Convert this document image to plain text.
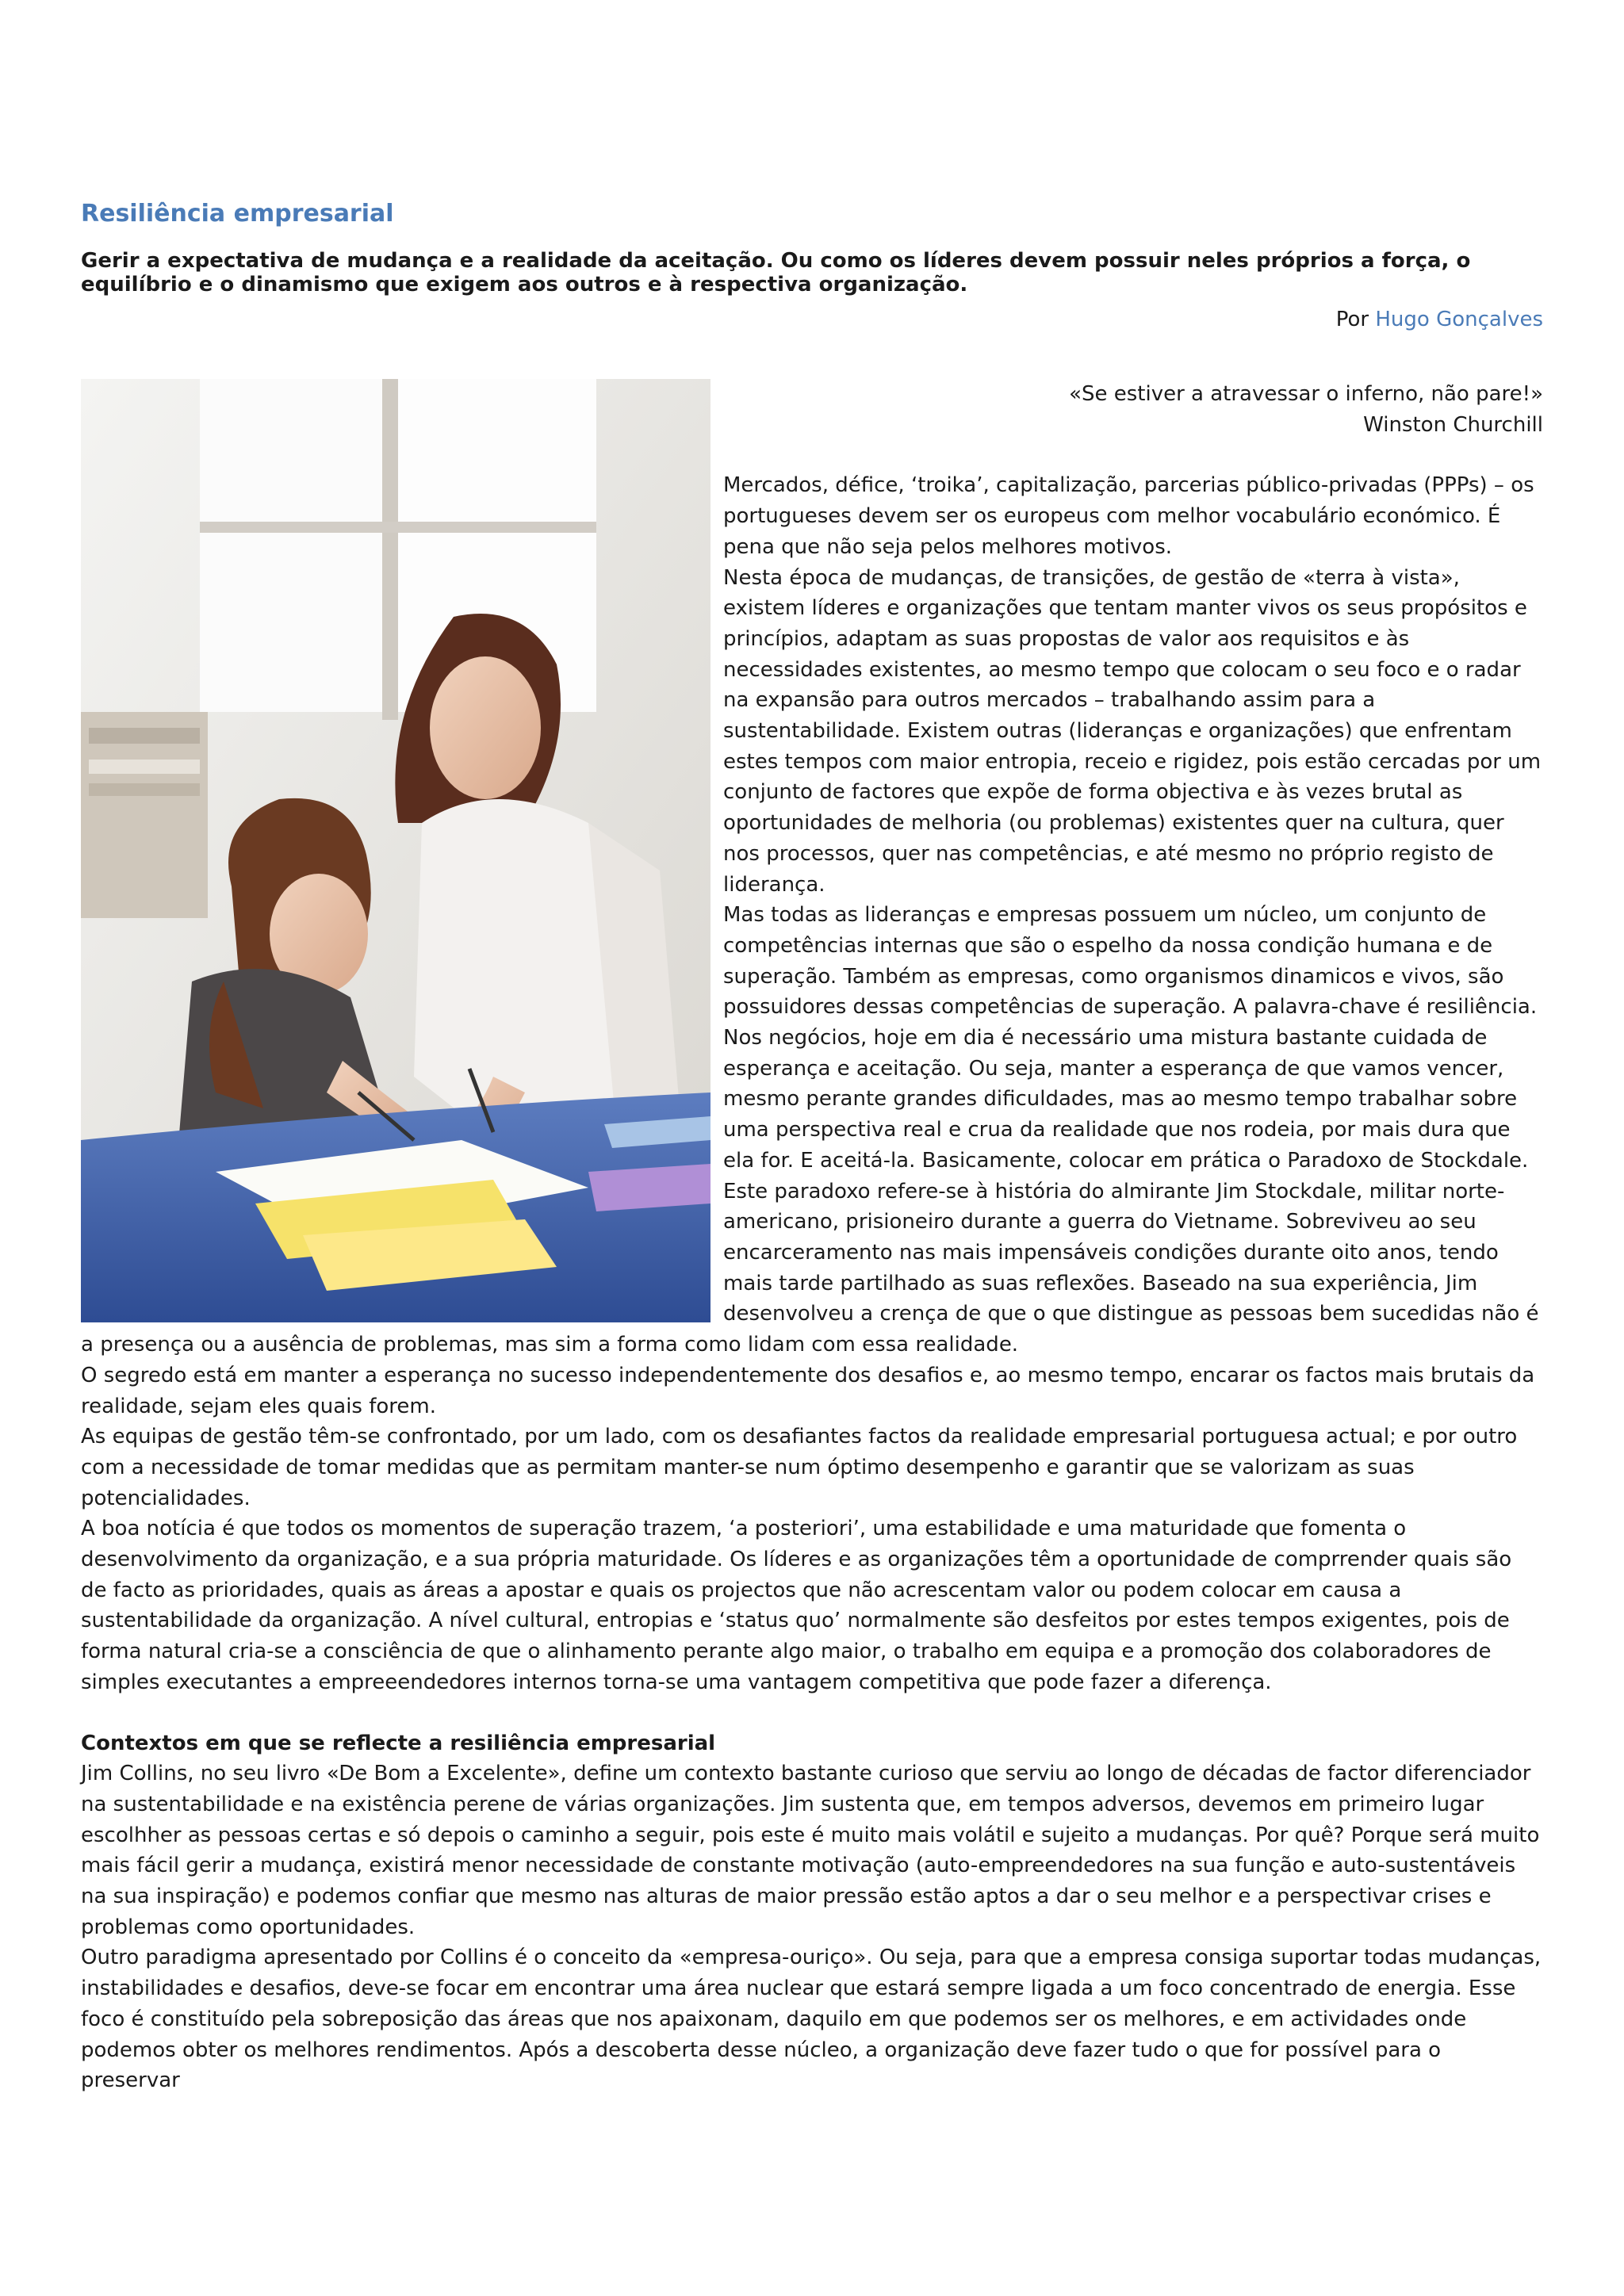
Resiliência empresarial

Gerir a expectativa de mudança e a realidade da aceitação. Ou como os líderes devem possuir neles próprios a força, o equilíbrio e o dinamismo que exigem aos outros e à respectiva organização.

Por Hugo Gonçalves
«Se estiver a atravessar o inferno, não pare!»
Winston Churchill

Mercados, défice, ‘troika’, capitalização, parcerias público-privadas (PPPs) – os portugueses devem ser os europeus com melhor vocabulário económico. É pena que não seja pelos melhores motivos.

Nesta época de mudanças, de transições, de gestão de «terra à vista», existem líderes e organizações que tentam manter vivos os seus propósitos e princípios, adaptam as suas propostas de valor aos requisitos e às necessidades existentes, ao mesmo tempo que colocam o seu foco e o radar na expansão para outros mercados – trabalhando assim para a sustentabilidade. Existem outras (lideranças e organizações) que enfrentam estes tempos com maior entropia, receio e rigidez, pois estão cercadas por um conjunto de factores que expõe de forma objectiva e às vezes brutal as oportunidades de melhoria (ou problemas) existentes quer na cultura, quer nos processos, quer nas competências, e até mesmo no próprio registo de liderança.

Mas todas as lideranças e empresas possuem um núcleo, um conjunto de competências internas que são o espelho da nossa condição humana e de superação. Também as empresas, como organismos dinamicos e vivos, são possuidores dessas competências de superação. A palavra-chave é resiliência.

Nos negócios, hoje em dia é necessário uma mistura bastante cuidada de esperança e aceitação. Ou seja, manter a esperança de que vamos vencer, mesmo perante grandes dificuldades, mas ao mesmo tempo trabalhar sobre uma perspectiva real e crua da realidade que nos rodeia, por mais dura que ela for. E aceitá-la. Basicamente, colocar em prática o Paradoxo de Stockdale.

Este paradoxo refere-se à história do almirante Jim Stockdale, militar norte-americano, prisioneiro durante a guerra do Vietname. Sobreviveu ao seu encarceramento nas mais impensáveis condições durante oito anos, tendo mais tarde partilhado as suas reflexões. Baseado na sua experiência, Jim desenvolveu a crença de que o que distingue as pessoas bem sucedidas não é a presença ou a ausência de problemas, mas sim a forma como lidam com essa realidade.

O segredo está em manter a esperança no sucesso independentemente dos desafios e, ao mesmo tempo, encarar os factos mais brutais da realidade, sejam eles quais forem.

As equipas de gestão têm-se confrontado, por um lado, com os desafiantes factos da realidade empresarial portuguesa actual; e por outro com a necessidade de tomar medidas que as permitam manter-se num óptimo desempenho e garantir que se valorizam as suas potencialidades.

A boa notícia é que todos os momentos de superação trazem, ‘a posteriori’, uma estabilidade e uma maturidade que fomenta o desenvolvimento da organização, e a sua própria maturidade. Os líderes e as organizações têm a oportunidade de comprrender quais são de facto as prioridades, quais as áreas a apostar e quais os projectos que não acrescentam valor ou podem colocar em causa a sustentabilidade da organização. A nível cultural, entropias e ‘status quo’ normalmente são desfeitos por estes tempos exigentes, pois de forma natural cria-se a consciência de que o alinhamento perante algo maior, o trabalho em equipa e a promoção dos colaboradores de simples executantes a empreeendedores internos torna-se uma vantagem competitiva que pode fazer a diferença.

Contextos em que se reflecte a resiliência empresarial

Jim Collins, no seu livro «De Bom a Excelente», define um contexto bastante curioso que serviu ao longo de décadas de factor diferenciador na sustentabilidade e na existência perene de várias organizações. Jim sustenta que, em tempos adversos, devemos em primeiro lugar escolhher as pessoas certas e só depois o caminho a seguir, pois este é muito mais volátil e sujeito a mudanças. Por quê? Porque será muito mais fácil gerir a mudança, existirá menor necessidade de constante motivação (auto-empreendedores na sua função e auto-sustentáveis na sua inspiração) e podemos confiar que mesmo nas alturas de maior pressão estão aptos a dar o seu melhor e a perspectivar crises e problemas como oportunidades.

Outro paradigma apresentado por Collins é o conceito da «empresa-ouriço». Ou seja, para que a empresa consiga suportar todas mudanças, instabilidades e desafios, deve-se focar em encontrar uma área nuclear que estará sempre ligada a um foco concentrado de energia. Esse foco é constituído pela sobreposição das áreas que nos apaixonam, daquilo em que podemos ser os melhores, e em actividades onde podemos obter os melhores rendimentos. Após a descoberta desse núcleo, a organização deve fazer tudo o que for possível para o preservar
